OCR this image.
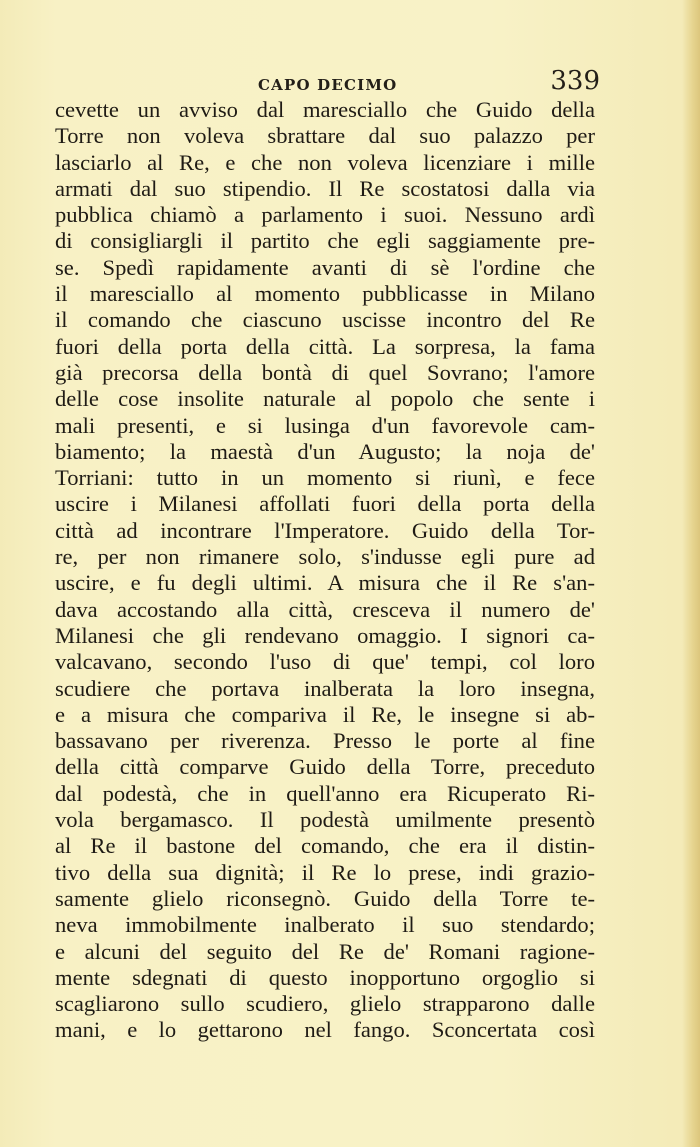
CAPO DECIMO	339
cevette un avviso dal maresciallo che Guido della
Torre non voleva sbrattare dal suo palazzo per
lasciarlo al Re, e che non voleva licenziare i mille
armati dal suo stipendio. Il Re scostatosi dalla via
pubblica chiamò a parlamento i suoi. Nessuno ardì
di consigliargli il partito che egli saggiamente pre-
se. Spedì rapidamente avanti di sè l'ordine che
il maresciallo al momento pubblicasse in Milano
il comando che ciascuno uscisse incontro del Re
fuori della porta della città. La sorpresa, la fama
già precorsa della bontà di quel Sovrano; l'amore
delle cose insolite naturale al popolo che sente i
mali presenti, e si lusinga d'un favorevole cam-
biamento; la maestà d'un Augusto; la noja de'
Torriani: tutto in un momento si riunì, e fece
uscire i Milanesi affollati fuori della porta della
città ad incontrare l'Imperatore. Guido della Tor-
re, per non rimanere solo, s'indusse egli pure ad
uscire, e fu degli ultimi. A misura che il Re s'an-
dava accostando alla città, cresceva il numero de'
Milanesi che gli rendevano omaggio. I signori ca-
valcavano, secondo l'uso di que' tempi, col loro
scudiere che portava inalberata la loro insegna,
e a misura che compariva il Re, le insegne si ab-
bassavano per riverenza. Presso le porte al fine
della città comparve Guido della Torre, preceduto
dal podestà, che in quell'anno era Ricuperato Ri-
vola bergamasco. Il podestà umilmente presentò
al Re il bastone del comando, che era il distin-
tivo della sua dignità; il Re lo prese, indi grazio-
samente glielo riconsegnò. Guido della Torre te-
neva immobilmente inalberato il suo stendardo;
e alcuni del seguito del Re de' Romani ragione-
mente sdegnati di questo inopportuno orgoglio si
scagliarono sullo scudiero, glielo strapparono dalle
mani, e lo gettarono nel fango. Sconcertata così
